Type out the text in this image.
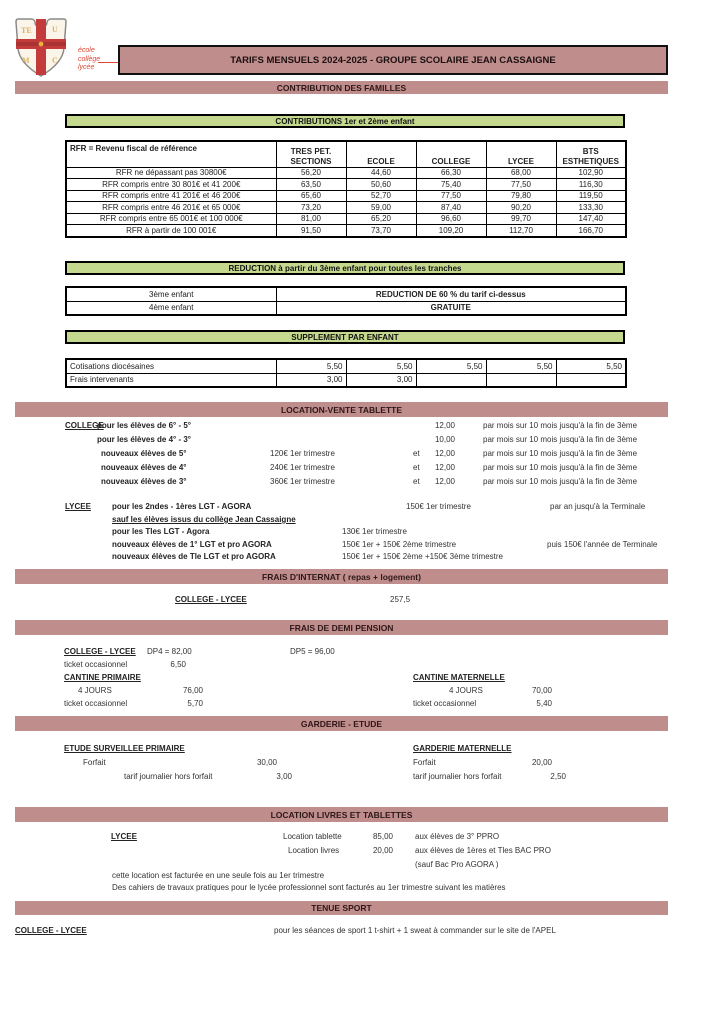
TE	U
M	C
école
collège
lycée
TARIFS MENSUELS 2024-2025 - GROUPE SCOLAIRE JEAN CASSAIGNE
CONTRIBUTION DES FAMILLES
CONTRIBUTIONS 1er et 2ème enfant
RFR = Revenu fiscal de référence	TRES PET. SECTIONS	ECOLE	COLLEGE	LYCEE	BTS ESTHETIQUES
RFR ne dépassant pas 30800€	56,20	44,60	66,30	68,00	102,90
RFR compris entre 30 801€ et 41 200€	63,50	50,60	75,40	77,50	116,30
RFR compris entre 41 201€ et 46 200€	65,60	52,70	77,50	79,80	119,50
RFR compris entre 46 201€ et 65 000€	73,20	59,00	87,40	90,20	133,30
RFR compris entre 65 001€ et 100 000€	81,00	65,20	96,60	99,70	147,40
RFR à partir de 100 001€	91,50	73,70	109,20	112,70	166,70
REDUCTION à partir du 3ème enfant pour toutes les tranches
3ème enfant	REDUCTION DE 60 % du tarif ci-dessus
4ème enfant	GRATUITE
SUPPLEMENT PAR ENFANT
Cotisations diocésaines	5,50	5,50	5,50	5,50	5,50
Frais intervenants	3,00	3,00			
LOCATION-VENTE TABLETTE
COLLEGE
pour les élèves de 6° - 5°	12,00	par mois sur 10 mois jusqu'à la fin de 3ème
pour les élèves de 4° - 3°	10,00	par mois sur 10 mois jusqu'à la fin de 3ème
nouveaux élèves de 5°	120€ 1er trimestre	et	12,00	par mois sur 10 mois jusqu'à la fin de 3ème
nouveaux élèves de 4°	240€ 1er trimestre	et	12,00	par mois sur 10 mois jusqu'à la fin de 3ème
nouveaux élèves de 3°	360€ 1er trimestre	et	12,00	par mois sur 10 mois jusqu'à la fin de 3ème
LYCEE	pour les 2ndes - 1ères LGT - AGORA	150€ 1er trimestre	par an jusqu'à la Terminale
sauf les élèves issus du collège Jean Cassaigne
pour les Tles LGT - Agora	130€ 1er trimestre
nouveaux élèves de 1° LGT et pro AGORA	150€ 1er + 150€ 2ème trimestre	puis 150€ l'année de Terminale
nouveaux élèves de Tle LGT et pro AGORA	150€ 1er + 150€ 2ème +150€ 3ème trimestre
FRAIS D'INTERNAT ( repas + logement)
COLLEGE - LYCEE	257,5
FRAIS DE DEMI PENSION
COLLEGE - LYCEE DP4 = 82,00	DP5 = 96,00
ticket occasionnel	6,50
CANTINE PRIMAIRE	CANTINE MATERNELLE
4 JOURS	76,00	4 JOURS	70,00
ticket occasionnel	5,70	ticket occasionnel	5,40
GARDERIE - ETUDE
ETUDE SURVEILLEE PRIMAIRE	GARDERIE MATERNELLE
Forfait	30,00	Forfait	20,00
tarif journalier hors forfait	3,00	tarif journalier hors forfait	2,50
LOCATION LIVRES ET TABLETTES
LYCEE	Location tablette	85,00	aux élèves de 3° PPRO
Location livres	20,00	aux élèves de 1ères et Tles BAC PRO
(sauf Bac Pro AGORA )
cette location est facturée en une seule fois au 1er trimestre
Des cahiers de travaux pratiques pour le lycée professionnel sont facturés au 1er trimestre suivant les matières
TENUE SPORT
COLLEGE - LYCEE	pour les séances de sport 1 t-shirt + 1 sweat à commander sur le site de l'APEL
